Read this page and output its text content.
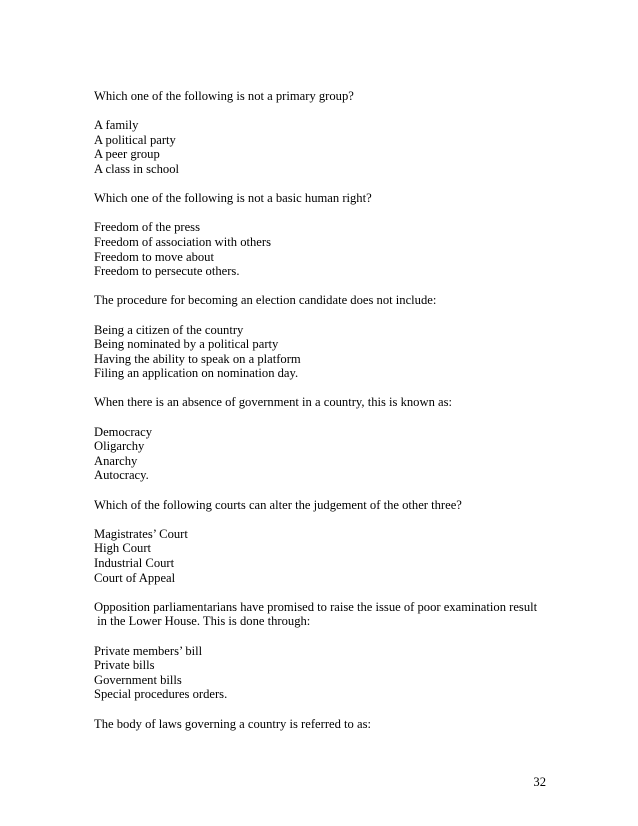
Which one of the following is not a primary group?
A family
A political party
A peer group
A class in school
Which one of the following is not a basic human right?
Freedom of the press
Freedom of association with others
Freedom to move about
Freedom to persecute others.
The procedure for becoming an election candidate does not include:
Being a citizen of the country
Being nominated by a political party
Having the ability to speak on a platform
Filing an application on nomination day.
When there is an absence of government in a country, this is known as:
Democracy
Oligarchy
Anarchy
Autocracy.
Which of the following courts can alter the judgement of the other three?
Magistrates’ Court
High Court
Industrial Court
Court of Appeal
Opposition parliamentarians have promised to raise the issue of poor examination result
in the Lower House. This is done through:
Private members’ bill
Private bills
Government bills
Special procedures orders.
The body of laws governing a country is referred to as:
32
